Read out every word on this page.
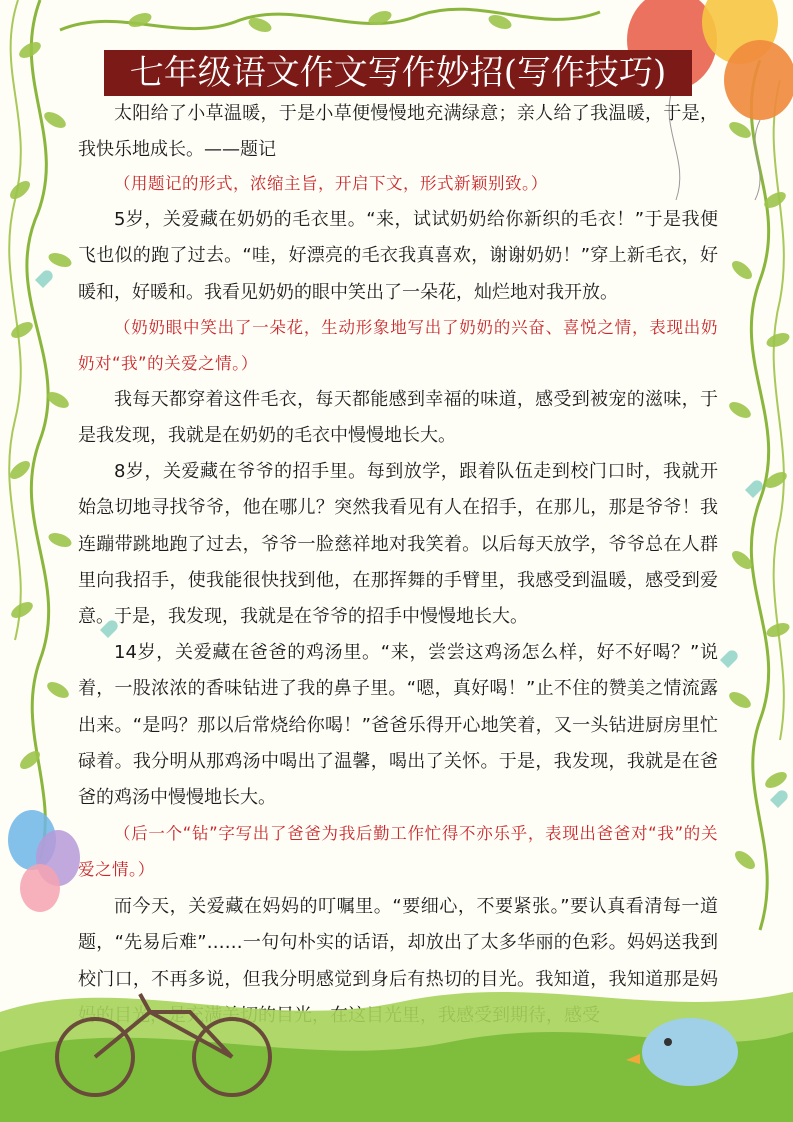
七年级语文作文写作妙招(写作技巧)

太阳给了小草温暖，于是小草便慢慢地充满绿意；亲人给了我温暖，于是，我快乐地成长。——题记

（用题记的形式，浓缩主旨，开启下文，形式新颖别致。）

5岁，关爱藏在奶奶的毛衣里。“来，试试奶奶给你新织的毛衣！”于是我便飞也似的跑了过去。“哇，好漂亮的毛衣我真喜欢，谢谢奶奶！”穿上新毛衣，好暖和，好暖和。我看见奶奶的眼中笑出了一朵花，灿烂地对我开放。

（奶奶眼中笑出了一朵花，生动形象地写出了奶奶的兴奋、喜悦之情，表现出奶奶对“我”的关爱之情。）

我每天都穿着这件毛衣，每天都能感到幸福的味道，感受到被宠的滋味，于是我发现，我就是在奶奶的毛衣中慢慢地长大。

8岁，关爱藏在爷爷的招手里。每到放学，跟着队伍走到校门口时，我就开始急切地寻找爷爷，他在哪儿？突然我看见有人在招手，在那儿，那是爷爷！我连蹦带跳地跑了过去，爷爷一脸慈祥地对我笑着。以后每天放学，爷爷总在人群里向我招手，使我能很快找到他，在那挥舞的手臂里，我感受到温暖，感受到爱意。于是，我发现，我就是在爷爷的招手中慢慢地长大。

14岁，关爱藏在爸爸的鸡汤里。“来，尝尝这鸡汤怎么样，好不好喝？”说着，一股浓浓的香味钻进了我的鼻子里。“嗯，真好喝！”止不住的赞美之情流露出来。“是吗？那以后常烧给你喝！”爸爸乐得开心地笑着，又一头钻进厨房里忙碌着。我分明从那鸡汤中喝出了温馨，喝出了关怀。于是，我发现，我就是在爸爸的鸡汤中慢慢地长大。

（后一个“钻”字写出了爸爸为我后勤工作忙得不亦乐乎，表现出爸爸对“我”的关爱之情。）

而今天，关爱藏在妈妈的叮嘱里。“要细心，不要紧张。”要认真看清每一道题，“先易后难”……一句句朴实的话语，却放出了太多华丽的色彩。妈妈送我到校门口，不再多说，但我分明感觉到身后有热切的目光。我知道，我知道那是妈
